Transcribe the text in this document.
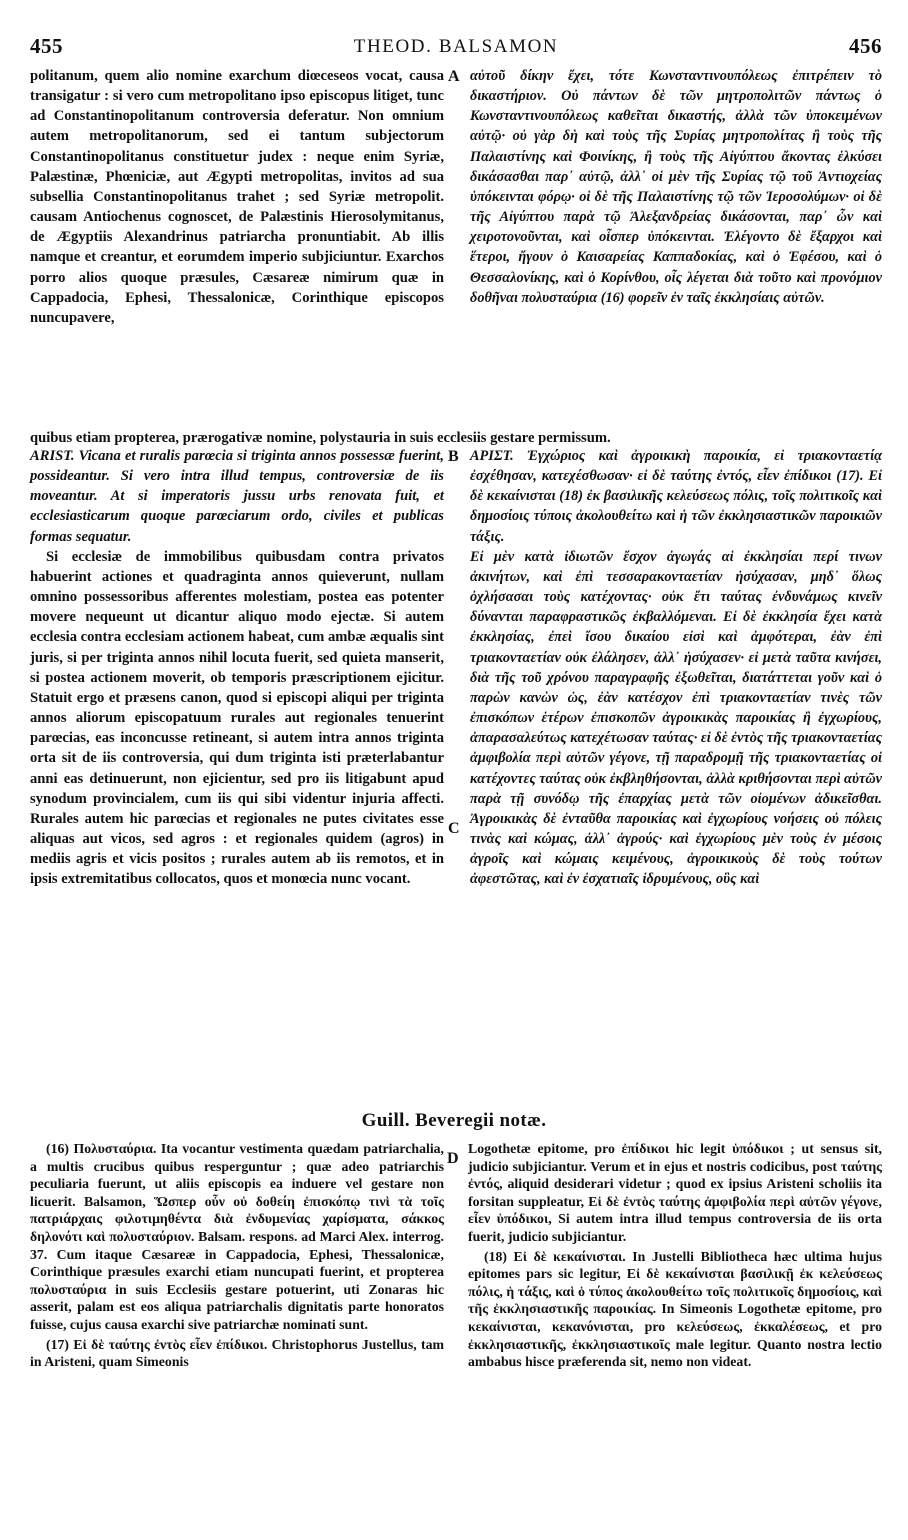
455	THEOD. BALSAMON	456
A
B
C
D

politanum, quem alio nomine exarchum diœceseos vocat, causa transigatur : si vero cum metropolitano ipso episcopus litiget, tunc ad Constantinopolitanum controversia deferatur. Non omnium autem metropolitanorum, sed ei tantum subjectorum Constantinopolitanus constituetur judex : neque enim Syriæ, Palæstinæ, Phœniciæ, aut Ægypti metropolitas, invitos ad sua subsellia Constantinopolitanus trahet ; sed Syriæ metropolit. causam Antiochenus cognoscet, de Palæstinis Hierosolymitanus, de Ægyptiis Alexandrinus patriarcha pronuntiabit. Ab illis namque et creantur, et eorumdem imperio subjiciuntur. Exarchos porro alios quoque præsules, Cæsareæ nimirum quæ in Cappadocia, Ephesi, Thessalonicæ, Corinthique episcopos nuncupavere,

αὐτοῦ δίκην ἔχει, τότε Κωνσταντινουπόλεως ἐπιτρέπειν τὸ δικαστήριον. Οὐ πάντων δὲ τῶν μητροπολιτῶν πάντως ὁ Κωνσταντινουπόλεως καθεῖται δικαστής, ἀλλὰ τῶν ὑποκειμένων αὐτῷ· οὐ γὰρ δὴ καὶ τοὺς τῆς Συρίας μητροπολίτας ἢ τοὺς τῆς Παλαιστίνης καὶ Φοινίκης, ἢ τοὺς τῆς Αἰγύπτου ἄκοντας ἑλκύσει δικάσασθαι παρ᾿ αὐτῷ, ἀλλ᾿ οἱ μὲν τῆς Συρίας τῷ τοῦ Ἀντιοχείας ὑπόκεινται φόρῳ· οἱ δὲ τῆς Παλαιστίνης τῷ τῶν Ἱεροσολύμων· οἱ δὲ τῆς Αἰγύπτου παρὰ τῷ Ἀλεξανδρείας δικάσονται, παρ᾿ ὧν καὶ χειροτονοῦνται, καὶ οἷσπερ ὑπόκεινται. Ἐλέγοντο δὲ ἔξαρχοι καὶ ἕτεροι, ἤγουν ὁ Καισαρείας Καππαδοκίας, καὶ ὁ Ἐφέσου, καὶ ὁ Θεσσαλονίκης, καὶ ὁ Κορίνθου, οἷς λέγεται διὰ τοῦτο καὶ προνόμιον δοθῆναι πολυσταύρια (16) φορεῖν ἐν ταῖς ἐκκλησίαις αὐτῶν.

quibus etiam propterea, prærogativæ nomine, polystauria in suis ecclesiis gestare permissum.

ARIST. Vicana et ruralis parœcia si triginta annos possessæ fuerint, possideantur. Si vero intra illud tempus, controversiæ de iis moveantur. At si imperatoris jussu urbs renovata fuit, et ecclesiasticarum quoque parœciarum ordo, civiles et publicas formas sequatur.

Si ecclesiæ de immobilibus quibusdam contra privatos habuerint actiones et quadraginta annos quieverunt, nullam omnino possessoribus afferentes molestiam, postea eas potenter movere nequeunt ut dicantur aliquo modo ejectæ. Si autem ecclesia contra ecclesiam actionem habeat, cum ambæ æqualis sint juris, si per triginta annos nihil locuta fuerit, sed quieta manserit, si postea actionem moverit, ob temporis præscriptionem ejicitur. Statuit ergo et præsens canon, quod si episcopi aliqui per triginta annos aliorum episcopatuum rurales aut regionales tenuerint parœcias, eas inconcusse retineant, si autem intra annos triginta orta sit de iis controversia, qui dum triginta isti præterlabantur anni eas detinuerunt, non ejicientur, sed pro iis litigabunt apud synodum provincialem, cum iis qui sibi videntur injuria affecti. Rurales autem hic parœcias et regionales ne putes civitates esse aliquas aut vicos, sed agros : et regionales quidem (agros) in mediis agris et vicis positos ; rurales autem ab iis remotos, et in ipsis extremitatibus collocatos, quos et monœcia nunc vocant.

ΑΡΙΣΤ. Ἐγχώριος καὶ ἀγροικικὴ παροικία, εἰ τριακονταετίᾳ ἐσχέθησαν, κατεχέσθωσαν· εἰ δὲ ταύτης ἐντός, εἶεν ἐπίδικοι (17). Εἰ δὲ κεκαίνισται (18) ἐκ βασιλικῆς κελεύσεως πόλις, τοῖς πολιτικοῖς καὶ δημοσίοις τύποις ἀκολουθείτω καὶ ἡ τῶν ἐκκλησιαστικῶν παροικιῶν τάξις.

Εἰ μὲν κατὰ ἰδιωτῶν ἔσχον ἀγωγάς αἱ ἐκκλησίαι περί τινων ἀκινήτων, καὶ ἐπὶ τεσσαρακονταετίαν ἡσύχασαν, μηδ᾿ ὅλως ὀχλήσασαι τοὺς κατέχοντας· οὐκ ἔτι ταύτας ἐνδυνάμως κινεῖν δύνανται παραφραστικῶς ἐκβαλλόμεναι. Εἰ δὲ ἐκκλησία ἔχει κατὰ ἐκκλησίας, ἐπεὶ ἴσου δικαίου εἰσὶ καὶ ἀμφότεραι, ἐὰν ἐπὶ τριακονταετίαν οὐκ ἐλάλησεν, ἀλλ᾿ ἡσύχασεν· εἰ μετὰ ταῦτα κινήσει, διὰ τῆς τοῦ χρόνου παραγραφῆς ἐξωθεῖται, διατάττεται γοῦν καὶ ὁ παρὼν κανὼν ὡς, ἐὰν κατέσχον ἐπὶ τριακονταετίαν τινὲς τῶν ἐπισκόπων ἑτέρων ἐπισκοπῶν ἀγροικικὰς παροικίας ἢ ἐγχωρίους, ἀπαρασαλεύτως κατεχέτωσαν ταύτας· εἰ δὲ ἐντὸς τῆς τριακονταετίας ἀμφιβολία περὶ αὐτῶν γέγονε, τῇ παραδρομῇ τῆς τριακονταετίας οἱ κατέχοντες ταύτας οὐκ ἐκβληθήσονται, ἀλλὰ κριθήσονται περὶ αὐτῶν παρὰ τῇ συνόδῳ τῆς ἐπαρχίας μετὰ τῶν οἰομένων ἀδικεῖσθαι. Ἀγροικικὰς δὲ ἐνταῦθα παροικίας καὶ ἐγχωρίους νοήσεις οὐ πόλεις τινὰς καὶ κώμας, ἀλλ᾿ ἀγρούς· καὶ ἐγχωρίους μὲν τοὺς ἐν μέσοις ἀγροῖς καὶ κώμαις κειμένους, ἀγροικικοὺς δὲ τοὺς τούτων ἀφεστῶτας, καὶ ἐν ἐσχατιαῖς ἱδρυμένους, οὓς καὶ

Guill. Beveregii notæ.

(16) Πολυσταύρια. Ita vocantur vestimenta quædam patriarchalia, a multis crucibus quibus resperguntur ; quæ adeo patriarchis peculiaria fuerunt, ut aliis episcopis ea induere vel gestare non licuerit. Balsamon, Ὥσπερ οὖν οὐ δοθείη ἐπισκόπῳ τινὶ τὰ τοῖς πατριάρχαις φιλοτιμηθέντα διὰ ἐνδυμενίας χαρίσματα, σάκκος δηλονότι καὶ πολυσταύριον. Balsam. respons. ad Marci Alex. interrog. 37. Cum itaque Cæsareæ in Cappadocia, Ephesi, Thessalonicæ, Corinthique præsules exarchi etiam nuncupati fuerint, et propterea πολυσταύρια in suis Ecclesiis gestare potuerint, uti Zonaras hic asserit, palam est eos aliqua patriarchalis dignitatis parte honoratos fuisse, cujus causa exarchi sive patriarchæ nominati sunt.

(17) Εἰ δὲ ταύτης ἐντὸς εἶεν ἐπίδικοι. Christophorus Justellus, tam in Aristeni, quam Simeonis

Logothetæ epitome, pro ἐπίδικοι hic legit ὑπόδικοι ; ut sensus sit, judicio subjiciantur. Verum et in ejus et nostris codicibus, post ταύτης ἐντός, aliquid desiderari videtur ; quod ex ipsius Aristeni scholiis ita forsitan suppleatur, Εἰ δὲ ἐντὸς ταύτης ἀμφιβολία περὶ αὐτῶν γέγονε, εἶεν ὑπόδικοι, Si autem intra illud tempus controversia de iis orta fuerit, judicio subjiciantur.

(18) Εἰ δὲ κεκαίνισται. In Justelli Bibliotheca hæc ultima hujus epitomes pars sic legitur, Εἰ δὲ κεκαίνισται βασιλικῇ ἐκ κελεύσεως πόλις, ἡ τάξις, καὶ ὁ τύπος ἀκολουθείτω τοῖς πολιτικοῖς δημοσίοις, καὶ τῆς ἐκκλησιαστικῆς παροικίας. In Simeonis Logothetæ epitome, pro κεκαίνισται, κεκανόνισται, pro κελεύσεως, ἐκκαλέσεως, et pro ἐκκλησιαστικῆς, ἐκκλησιαστικοῖς male legitur. Quanto nostra lectio ambabus hisce præferenda sit, nemo non videat.
